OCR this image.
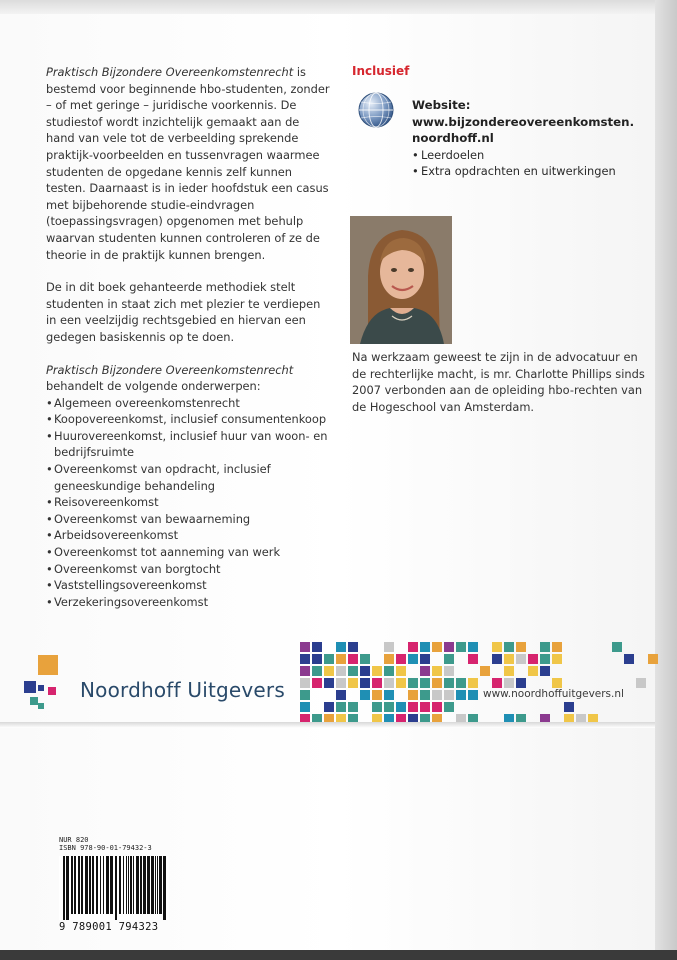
Praktisch Bijzondere Overeenkomstenrecht is bestemd voor beginnende hbo-studenten, zonder – of met geringe – juridische voorkennis. De studiestof wordt inzichtelijk gemaakt aan de hand van vele tot de verbeelding sprekende praktijk-voorbeelden en tussenvragen waarmee studenten de opgedane kennis zelf kunnen testen. Daarnaast is in ieder hoofdstuk een casus met bijbehorende studie-eindvragen (toepassingsvragen) opgenomen met behulp waarvan studenten kunnen controleren of ze de theorie in de praktijk kunnen brengen.

De in dit boek gehanteerde methodiek stelt studenten in staat zich met plezier te verdiepen in een veelzijdig rechtsgebied en hiervan een gedegen basiskennis op te doen.

Praktisch Bijzondere Overeenkomstenrecht behandelt de volgende onderwerpen:

• Algemeen overeenkomstenrecht
• Koopovereenkomst, inclusief consumentenkoop
• Huurovereenkomst, inclusief huur van woon- en bedrijfsruimte
• Overeenkomst van opdracht, inclusief geneeskundige behandeling
• Reisovereenkomst
• Overeenkomst van bewaarneming
• Arbeidsovereenkomst
• Overeenkomst tot aanneming van werk
• Overeenkomst van borgtocht
• Vaststellingsovereenkomst
• Verzekeringsovereenkomst
Inclusief
Website:
www.bijzondereovereenkomsten.
noordhoff.nl
• Leerdoelen
• Extra opdrachten en uitwerkingen
Na werkzaam geweest te zijn in de advocatuur en de rechterlijke macht, is mr. Charlotte Phillips sinds 2007 verbonden aan de opleiding hbo-rechten van de Hogeschool van Amsterdam.
Noordhoff Uitgevers	www.noordhoffuitgevers.nl
NUR 820
ISBN 978-90-01-79432-3
9 789001 794323
